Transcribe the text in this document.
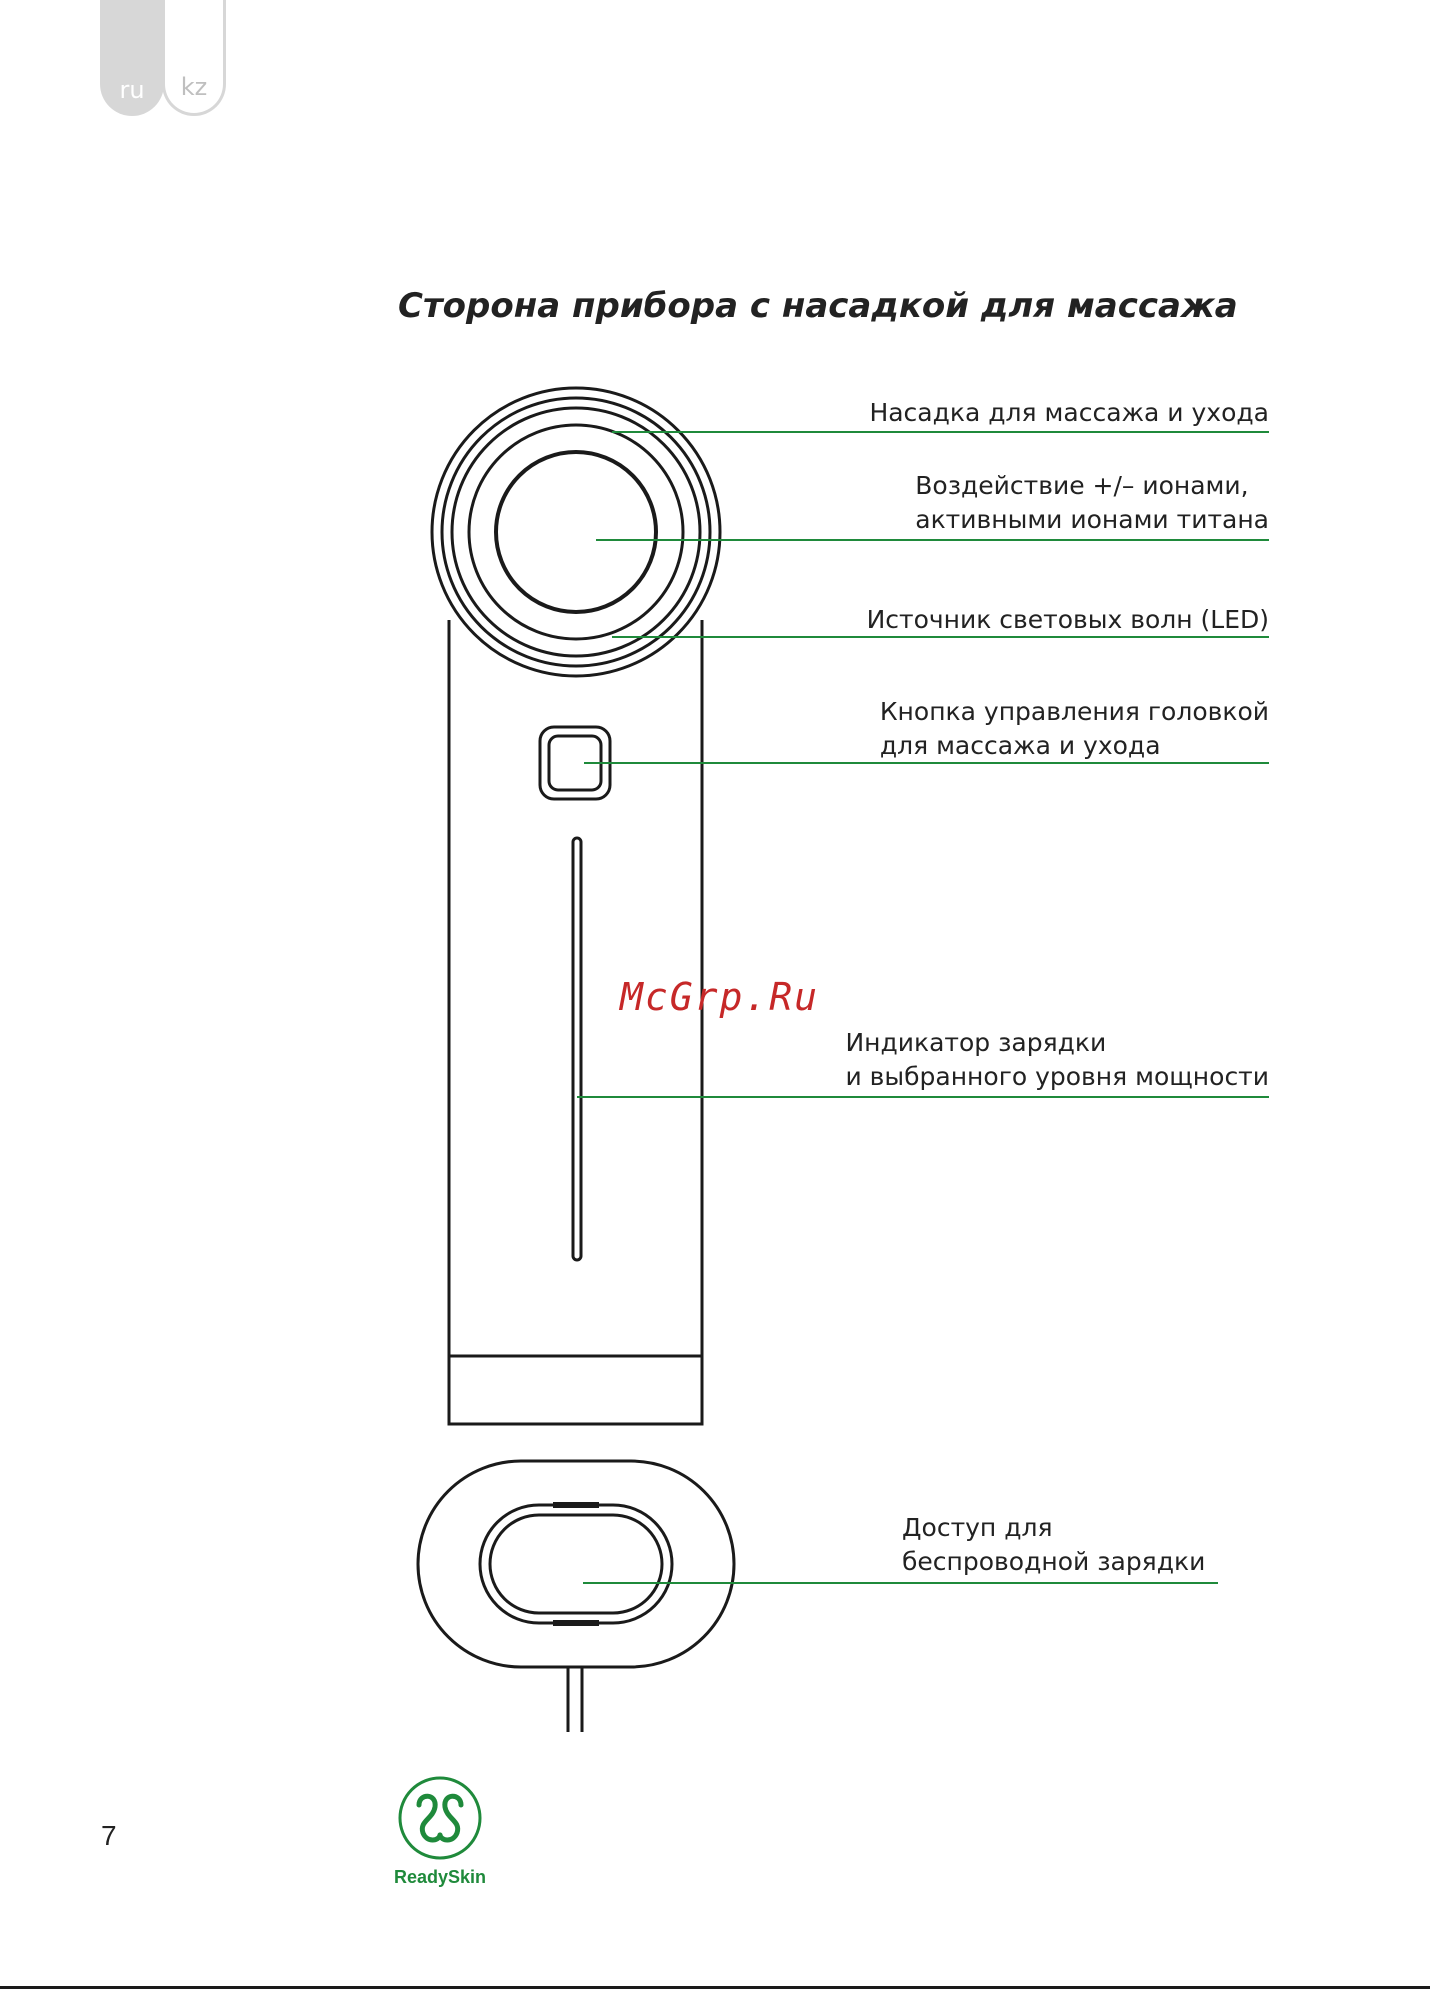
ru	kz
Сторона прибора с насадкой для массажа
Насадка для массажа и ухода
Воздействие +/– ионами,
активными ионами титана
Источник световых волн (LED)
Кнопка управления головкой
для массажа и ухода
Индикатор зарядки
и выбранного уровня мощности
Доступ для
беспроводной зарядки
McGrp.Ru
ReadySkin
7
